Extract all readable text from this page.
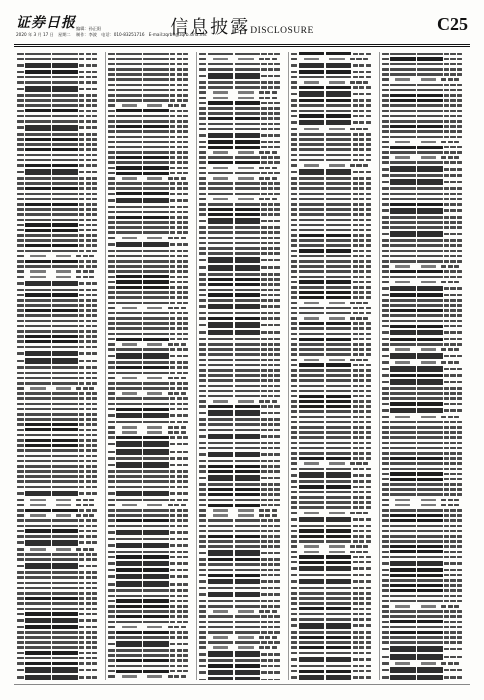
证券日报
2020 年 3 月 17 日　星期二
编辑：孙正阳
制作：李波　电话：010-83251716　E-mail:zqrb9@zqrb.sina.net
信息披露DISCLOSURE	C25
